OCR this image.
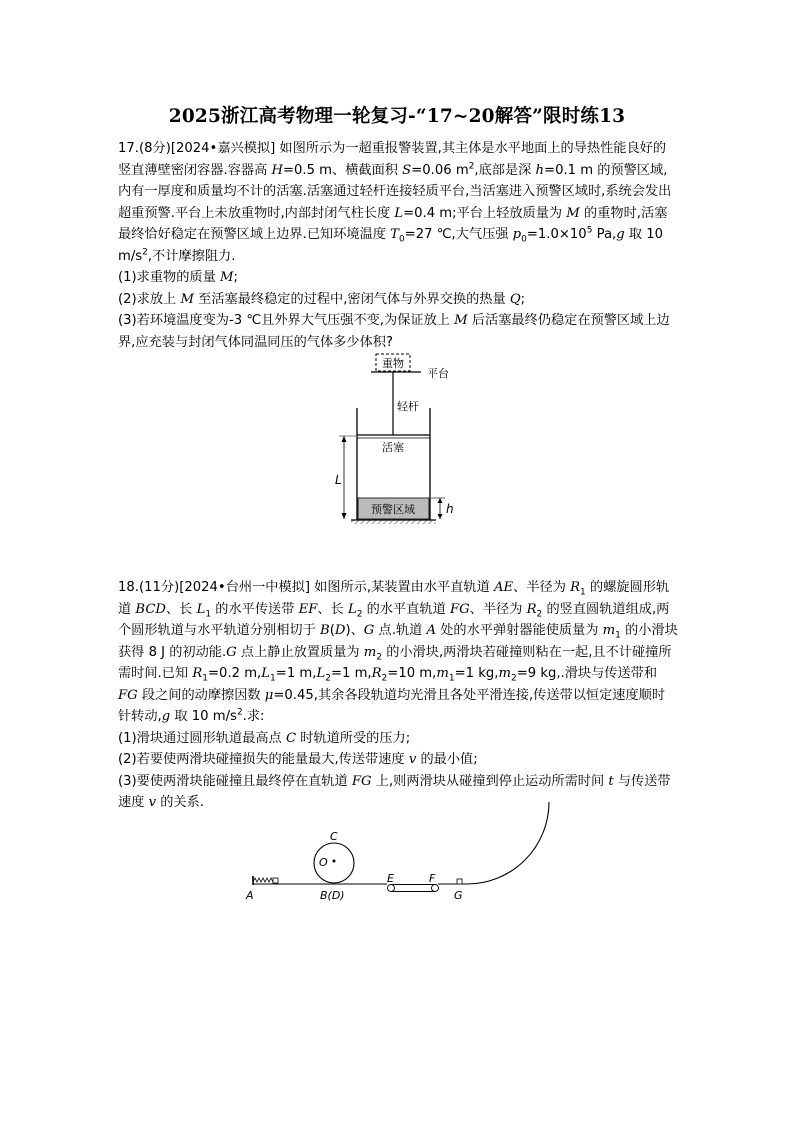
2025浙江高考物理一轮复习-“17~20解答”限时练13

17.(8分)[2024•嘉兴模拟] 如图所示为一超重报警装置,其主体是水平地面上的导热性能良好的竖直薄壁密闭容器.容器高 H=0.5 m、横截面积 S=0.06 $m^2$,底部是深 h=0.1 m 的预警区域,内有一厚度和质量均不计的活塞.活塞通过轻杆连接轻质平台,当活塞进入预警区域时,系统会发出超重预警.平台上未放重物时,内部封闭气柱长度 L=0.4 m;平台上轻放质量为 M 的重物时,活塞最终恰好稳定在预警区域上边界.已知环境温度 $T_0=27$ ℃,大气压强 $p_0=1.0\times 10^5$ Pa,g 取 10 $m/s^2$,不计摩擦阻力.

(1)求重物的质量 M;

(2)求放上 M 至活塞最终稳定的过程中,密闭气体与外界交换的热量 Q;

(3)若环境温度变为-3 ℃且外界大气压强不变,为保证放上 M 后活塞最终仍稳定在预警区域上边界,应充装与封闭气体同温同压的气体多少体积?

重物
平台
轻杆
活塞
预警区域
L
h

18.(11分)[2024•台州一中模拟] 如图所示,某装置由水平直轨道 AE、半径为 $R_1$ 的螺旋圆形轨道 BCD、长 $L_1$ 的水平传送带 EF、长 $L_2$ 的水平直轨道 FG、半径为 $R_2$ 的竖直圆轨道组成,两个圆形轨道与水平轨道分别相切于 B(D)、G 点.轨道 A 处的水平弹射器能使质量为 $m_1$ 的小滑块获得 8 J 的初动能.G 点上静止放置质量为 $m_2$ 的小滑块,两滑块若碰撞则粘在一起,且不计碰撞所需时间.已知 $R_1=0.2$ $m,L_1=1$ $m,L_2=1$ $m,R_2=10$ $m,m_1=1$ $kg,m_2=9$ kg,.滑块与传送带和 FG 段之间的动摩擦因数 μ=0.45,其余各段轨道均光滑且各处平滑连接,传送带以恒定速度顺时针转动,g 取 10 $m/s^2$.求:

(1)滑块通过圆形轨道最高点 C 时轨道所受的压力;

(2)若要使两滑块碰撞损失的能量最大,传送带速度 v 的最小值;

(3)要使两滑块能碰撞且最终停在直轨道 FG 上,则两滑块从碰撞到停止运动所需时间 t 与传送带速度 v 的关系.

C
O
A	B(D)
E	F
G
